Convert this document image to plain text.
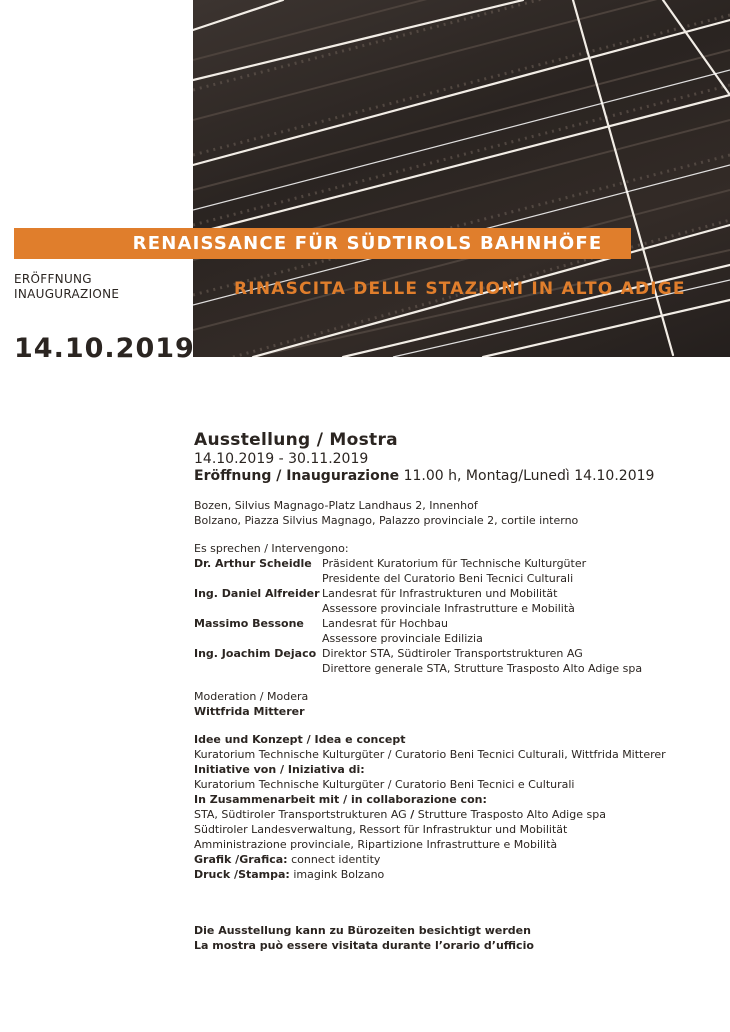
RENAISSANCE FÜR SÜDTIROLS BAHNHÖFE
RINASCITA DELLE STAZIONI IN ALTO ADIGE
ERÖFFNUNG
INAUGURAZIONE
14.10.2019
Ausstellung / Mostra
14.10.2019 - 30.11.2019
Eröffnung / Inaugurazione 11.00 h, Montag/Lunedì 14.10.2019
Bozen, Silvius Magnago-Platz Landhaus 2, Innenhof
Bolzano, Piazza Silvius Magnago, Palazzo provinciale 2, cortile interno
Es sprechen / Intervengono:
Dr. Arthur Scheidle Präsident Kuratorium für Technische Kulturgüter
Presidente del Curatorio Beni Tecnici Culturali
Ing. Daniel Alfreider Landesrat für Infrastrukturen und Mobilität
Assessore provinciale Infrastrutture e Mobilità
Massimo Bessone	Landesrat für Hochbau
Assessore provinciale Edilizia
Ing. Joachim Dejaco Direktor STA, Südtiroler Transportstrukturen AG
Direttore generale STA, Strutture Trasposto Alto Adige spa
Moderation / Modera
Wittfrida Mitterer
Idee und Konzept / Idea e concept
Kuratorium Technische Kulturgüter / Curatorio Beni Tecnici Culturali, Wittfrida Mitterer
Initiative von / Iniziativa di:
Kuratorium Technische Kulturgüter / Curatorio Beni Tecnici e Culturali
In Zusammenarbeit mit / in collaborazione con:
STA, Südtiroler Transportstrukturen AG / Strutture Trasposto Alto Adige spa
Südtiroler Landesverwaltung, Ressort für Infrastruktur und Mobilität
Amministrazione provinciale, Ripartizione Infrastrutture e Mobilità
Grafik /Grafica: connect identity
Druck /Stampa: imagink Bolzano
Die Ausstellung kann zu Bürozeiten besichtigt werden
La mostra può essere visitata durante l’orario d’ufficio
